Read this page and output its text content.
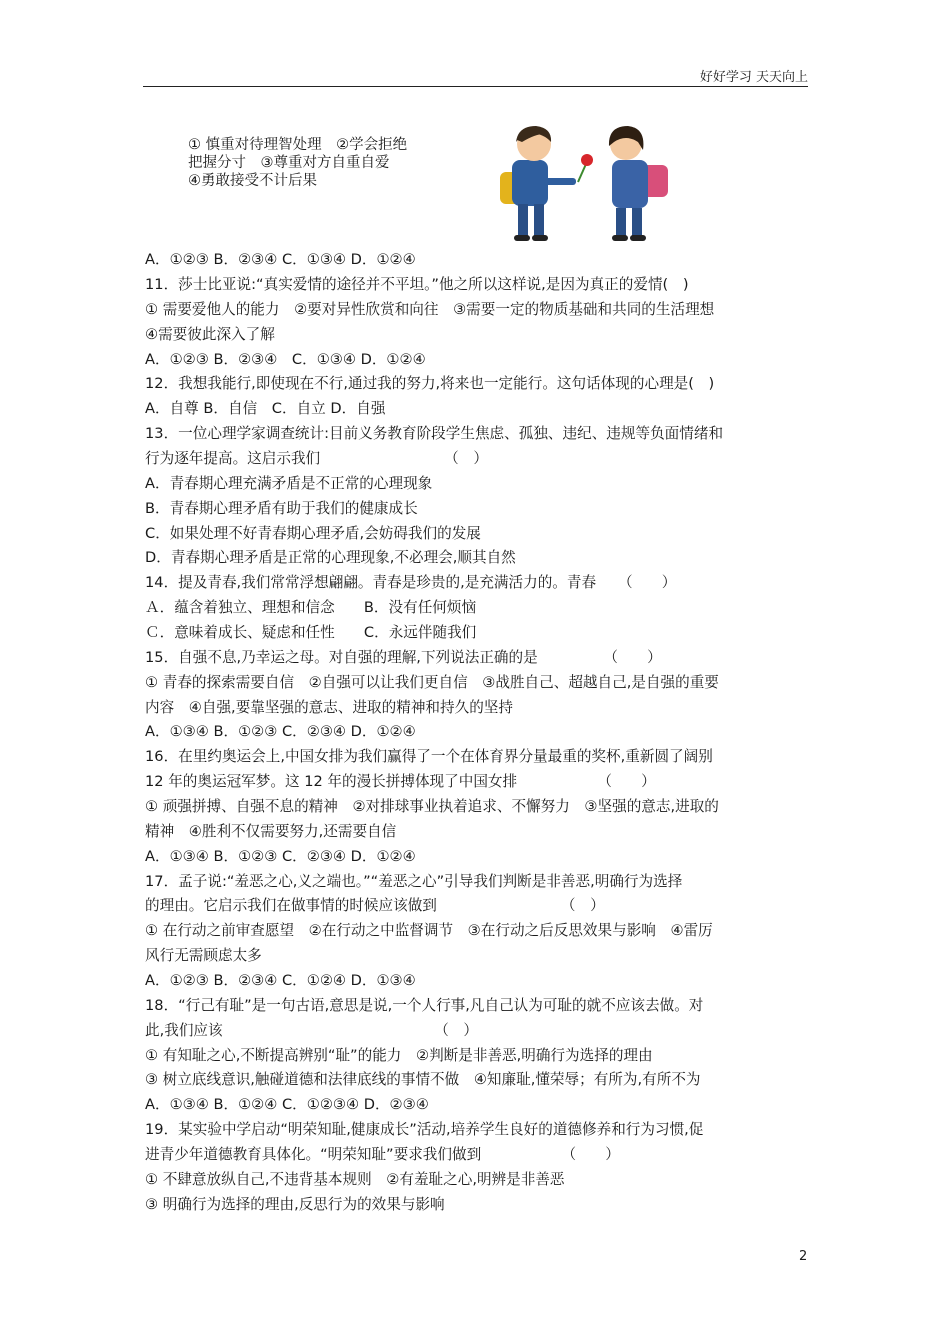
好好学习 天天向上
① 慎重对待理智处理　②学会拒绝
把握分寸　③尊重对方自重自爱
④勇敢接受不计后果
A．①②③ B．②③④ C．①③④ D．①②④
11．莎士比亚说:“真实爱情的途径并不平坦。”他之所以这样说,是因为真正的爱情(　)
① 需要爱他人的能力　②要对异性欣赏和向往　③需要一定的物质基础和共同的生活理想
④需要彼此深入了解
A．①②③ B．②③④　C．①③④ D．①②④
12．我想我能行,即使现在不行,通过我的努力,将来也一定能行。这句话体现的心理是(　)
A．自尊 B．自信　C．自立 D．自强
13．一位心理学家调查统计:目前义务教育阶段学生焦虑、孤独、违纪、违规等负面情绪和
行为逐年提高。这启示我们　　　　　　　　　（　）
A．青春期心理充满矛盾是不正常的心理现象
B．青春期心理矛盾有助于我们的健康成长
C．如果处理不好青春期心理矛盾,会妨碍我们的发展
D．青春期心理矛盾是正常的心理现象,不必理会,顺其自然
14．提及青春,我们常常浮想翩翩。青春是珍贵的,是充满活力的。青春　　（　　）
Ａ．蕴含着独立、理想和信念　　B．没有任何烦恼
Ｃ．意味着成长、疑虑和任性　　C．永远伴随我们
15．自强不息,乃幸运之母。对自强的理解,下列说法正确的是　　　　　（　　）
① 青春的探索需要自信　②自强可以让我们更自信　③战胜自己、超越自己,是自强的重要
内容　④自强,要靠坚强的意志、进取的精神和持久的坚持
A．①③④ B．①②③ C．②③④ D．①②④
16．在里约奥运会上,中国女排为我们赢得了一个在体育界分量最重的奖杯,重新圆了阔别
12 年的奥运冠军梦。这 12 年的漫长拼搏体现了中国女排　　　　　　（　　）
① 顽强拼搏、自强不息的精神　②对排球事业执着追求、不懈努力　③坚强的意志,进取的
精神　④胜利不仅需要努力,还需要自信
A．①③④ B．①②③ C．②③④ D．①②④
17．孟子说:“羞恶之心,义之端也。”“羞恶之心”引导我们判断是非善恶,明确行为选择
的理由。它启示我们在做事情的时候应该做到　　　　　　　　　（　）
① 在行动之前审查愿望　②在行动之中监督调节　③在行动之后反思效果与影响　④雷厉
风行无需顾虑太多
A．①②③ B．②③④ C．①②④ D．①③④
18．“行己有耻”是一句古语,意思是说,一个人行事,凡自己认为可耻的就不应该去做。对
此,我们应该　　　　　　　　　　　　　　　（　）
① 有知耻之心,不断提高辨别“耻”的能力　②判断是非善恶,明确行为选择的理由
③ 树立底线意识,触碰道德和法律底线的事情不做　④知廉耻,懂荣辱；有所为,有所不为
A．①③④ B．①②④ C．①②③④ D．②③④
19．某实验中学启动“明荣知耻,健康成长”活动,培养学生良好的道德修养和行为习惯,促
进青少年道德教育具体化。“明荣知耻”要求我们做到　　　　　　（　　）
① 不肆意放纵自己,不违背基本规则　②有羞耻之心,明辨是非善恶
③ 明确行为选择的理由,反思行为的效果与影响
2
